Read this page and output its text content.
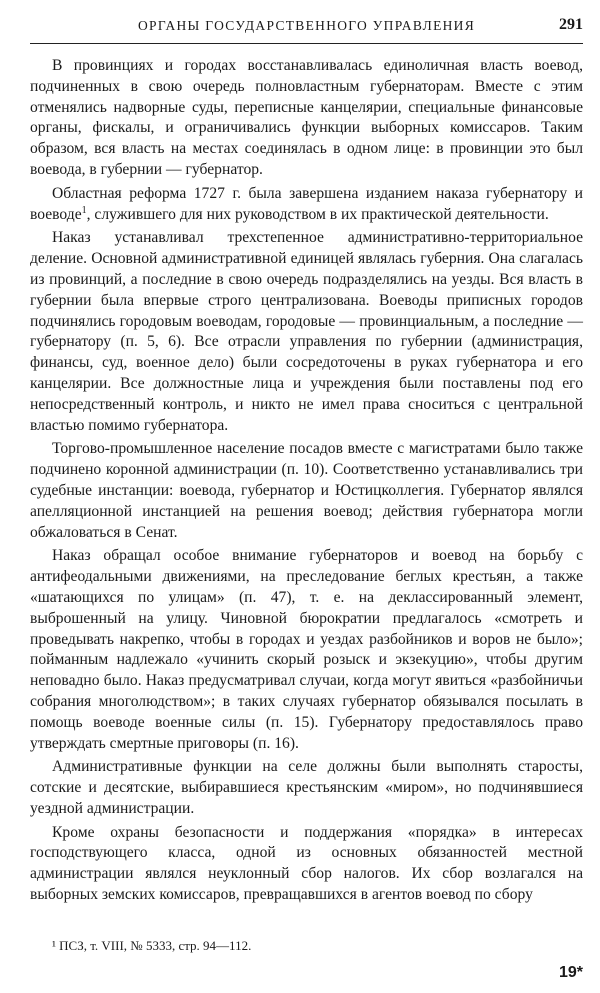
ОРГАНЫ ГОСУДАРСТВЕННОГО УПРАВЛЕНИЯ	291

В провинциях и городах восстанавливалась единоличная власть воевод, подчиненных в свою очередь полновластным губернаторам. Вместе с этим отменялись надворные суды, переписные канцелярии, специальные финансовые органы, фискалы, и ограничивались функции выборных комиссаров. Таким образом, вся власть на местах соединялась в одном лице: в провинции это был воевода, в губернии — губернатор.

Областная реформа 1727 г. была завершена изданием наказа губернатору и воеводе$^1$, служившего для них руководством в их практической деятельности.

Наказ устанавливал трехстепенное административно-территориальное деление. Основной административной единицей являлась губерния. Она слагалась из провинций, а последние в свою очередь подразделялись на уезды. Вся власть в губернии была впервые строго централизована. Воеводы приписных городов подчинялись городовым воеводам, городовые — провинциальным, а последние — губернатору (п. 5, 6). Все отрасли управления по губернии (администрация, финансы, суд, военное дело) были сосредоточены в руках губернатора и его канцелярии. Все должностные лица и учреждения были поставлены под его непосредственный контроль, и никто не имел права сноситься с центральной властью помимо губернатора.

Торгово-промышленное население посадов вместе с магистратами было также подчинено коронной администрации (п. 10). Соответственно устанавливались три судебные инстанции: воевода, губернатор и Юстицколлегия. Губернатор являлся апелляционной инстанцией на решения воевод; действия губернатора могли обжаловаться в Сенат.

Наказ обращал особое внимание губернаторов и воевод на борьбу с антифеодальными движениями, на преследование беглых крестьян, а также «шатающихся по улицам» (п. 47), т. е. на деклассированный элемент, выброшенный на улицу. Чиновной бюрократии предлагалось «смотреть и проведывать накрепко, чтобы в городах и уездах разбойников и воров не было»; пойманным надлежало «учинить скорый розыск и экзекуцию», чтобы другим неповадно было. Наказ предусматривал случаи, когда могут явиться «разбойничьи собрания многолюдством»; в таких случаях губернатор обязывался посылать в помощь воеводе военные силы (п. 15). Губернатору предоставлялось право утверждать смертные приговоры (п. 16).

Административные функции на селе должны были выполнять старосты, сотские и десятские, выбиравшиеся крестьянским «миром», но подчинявшиеся уездной администрации.

Кроме охраны безопасности и поддержания «порядка» в интересах господствующего класса, одной из основных обязанностей местной администрации являлся неуклонный сбор налогов. Их сбор возлагался на выборных земских комиссаров, превращавшихся в агентов воевод по сбору

¹ ПСЗ, т. VIII, № 5333, стр. 94—112.
19*
